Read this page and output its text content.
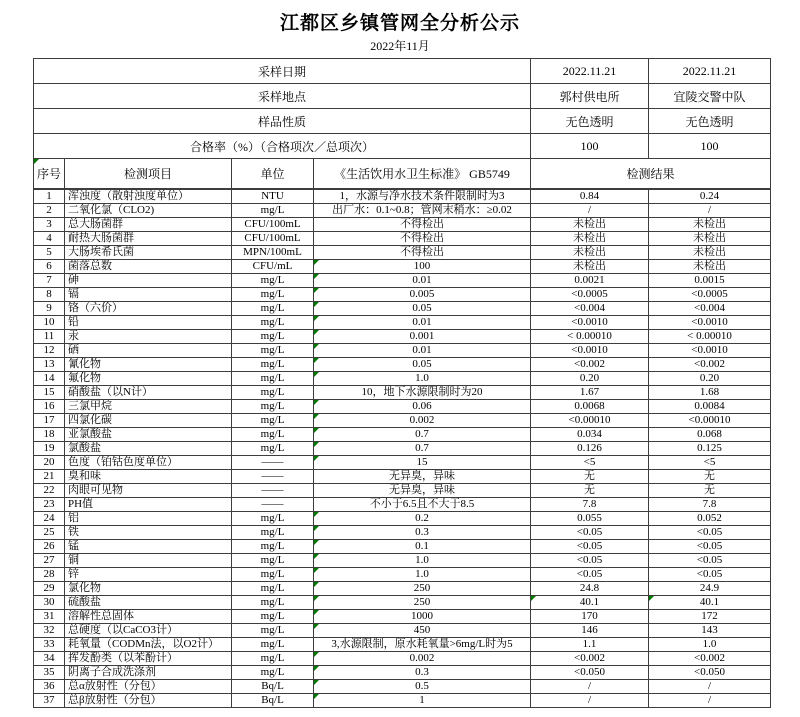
江都区乡镇管网全分析公示
2022年11月
采样日期				2022.11.21	2022.11.21
采样地点				郭村供电所	宜陵交警中队
样品性质				无色透明	无色透明
合格率（%）（合格项次／总项次）				100	100

序号	检测项目	单位	《生活饮用水卫生标准》 GB5749	检测结果	
1	浑浊度（散射浊度单位）	NTU	1，水源与净水技术条件限制时为3	0.84	0.24
2	二氧化氯（CLO2)	mg/L	出厂水：0.1~0.8；管网末稍水：≥0.02	/	/
3	总大肠菌群	CFU/100mL	不得检出	未检出	未检出
4	耐热大肠菌群	CFU/100mL	不得检出	未检出	未检出
5	大肠埃希氏菌	MPN/100mL	不得检出	未检出	未检出
6	菌落总数	CFU/mL	100	未检出	未检出
7	砷	mg/L	0.01	0.0021	0.0015
8	镉	mg/L	0.005	<0.0005	<0.0005
9	铬（六价）	mg/L	0.05	<0.004	<0.004
10	铅	mg/L	0.01	<0.0010	<0.0010
11	汞	mg/L	0.001	< 0.00010	< 0.00010
12	硒	mg/L	0.01	<0.0010	<0.0010
13	氰化物	mg/L	0.05	<0.002	<0.002
14	氟化物	mg/L	1.0	0.20	0.20
15	硝酸盐（以N计）	mg/L	10，地下水源限制时为20	1.67	1.68
16	三氯甲烷	mg/L	0.06	0.0068	0.0084
17	四氯化碳	mg/L	0.002	<0.00010	<0.00010
18	亚氯酸盐	mg/L	0.7	0.034	0.068
19	氯酸盐	mg/L	0.7	0.126	0.125
20	色度（铂钴色度单位）	——	15	<5	<5
21	臭和味	——	无异臭，异味	无	无
22	肉眼可见物	——	无异臭，异味	无	无
23	PH值	——	不小于6.5且不大于8.5	7.8	7.8
24	铝	mg/L	0.2	0.055	0.052
25	铁	mg/L	0.3	<0.05	<0.05
26	锰	mg/L	0.1	<0.05	<0.05
27	铜	mg/L	1.0	<0.05	<0.05
28	锌	mg/L	1.0	<0.05	<0.05
29	氯化物	mg/L	250	24.8	24.9
30	硫酸盐	mg/L	250	40.1	40.1
31	溶解性总固体	mg/L	1000	170	172
32	总硬度（以CaCO3计）	mg/L	450	146	143
33	耗氧量（CODMn法，以O2计）	mg/L	3,水源限制，原水耗氧量>6mg/L时为5	1.1	1.0
34	挥发酚类（以苯酚计）	mg/L	0.002	<0.002	<0.002
35	阴离子合成洗涤剂	mg/L	0.3	<0.050	<0.050
36	总α放射性（分包）	Bq/L	0.5	/	/
37	总β放射性（分包）	Bq/L	1	/	/
